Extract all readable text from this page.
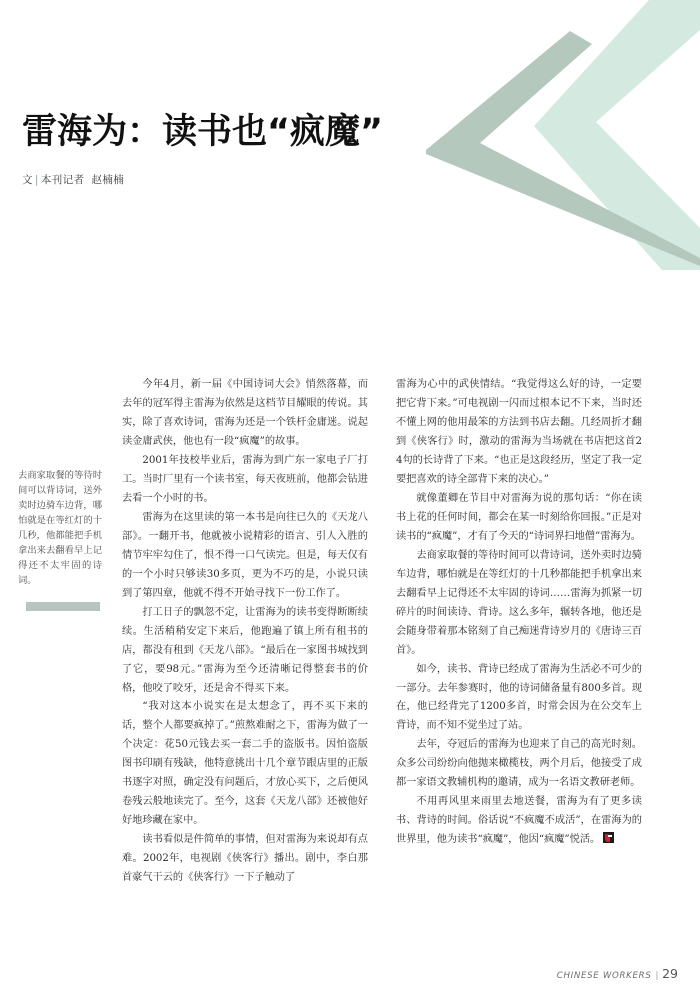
雷海为：读书也“疯魔”
文 | 本刊记者 赵楠楠
去商家取餐的等待时间可以背诗词，送外卖时边骑车边背，哪怕就是在等红灯的十几秒，他都能把手机拿出来去翻看早上记得还不太牢固的诗词。

今年4月，新一届《中国诗词大会》悄然落幕，而去年的冠军得主雷海为依然是这档节目耀眼的传说。其实，除了喜欢诗词，雷海为还是一个铁杆金庸迷。说起读金庸武侠，他也有一段“疯魔”的故事。

2001年技校毕业后，雷海为到广东一家电子厂打工。当时厂里有一个读书室，每天夜班前，他都会钻进去看一个小时的书。

雷海为在这里读的第一本书是向往已久的《天龙八部》。一翻开书，他就被小说精彩的语言、引人入胜的情节牢牢勾住了，恨不得一口气读完。但是，每天仅有的一个小时只够读30多页，更为不巧的是，小说只读到了第四章，他就不得不开始寻找下一份工作了。

打工日子的飘忽不定，让雷海为的读书变得断断续续。生活稍稍安定下来后，他跑遍了镇上所有租书的店，都没有租到《天龙八部》。“最后在一家图书城找到了它，要98元。”雷海为至今还清晰记得整套书的价格，他咬了咬牙，还是舍不得买下来。

“我对这本小说实在是太想念了，再不买下来的话，整个人都要疯掉了。”煎熬难耐之下，雷海为做了一个决定：花50元钱去买一套二手的盗版书。因怕盗版图书印刷有残缺，他特意挑出十几个章节跟店里的正版书逐字对照，确定没有问题后，才放心买下，之后便风卷残云般地读完了。至今，这套《天龙八部》还被他好好地珍藏在家中。

读书看似是件简单的事情，但对雷海为来说却有点难。2002年，电视剧《侠客行》播出。剧中，李白那首豪气干云的《侠客行》一下子触动了

雷海为心中的武侠情结。“我觉得这么好的诗，一定要把它背下来。”可电视剧一闪而过根本记不下来，当时还不懂上网的他用最笨的方法到书店去翻。几经周折才翻到《侠客行》时，激动的雷海为当场就在书店把这首24句的长诗背了下来。“也正是这段经历，坚定了我一定要把喜欢的诗全部背下来的决心。”

就像董卿在节目中对雷海为说的那句话：“你在读书上花的任何时间，都会在某一时刻给你回报。”正是对读书的“疯魔”，才有了今天的“诗词界扫地僧”雷海为。

去商家取餐的等待时间可以背诗词，送外卖时边骑车边背，哪怕就是在等红灯的十几秒都能把手机拿出来去翻看早上记得还不太牢固的诗词……雷海为抓紧一切碎片的时间读诗、背诗。这么多年，辗转各地，他还是会随身带着那本铭刻了自己痴迷背诗岁月的《唐诗三百首》。

如今，读书、背诗已经成了雷海为生活必不可少的一部分。去年参赛时，他的诗词储备量有800多首。现在，他已经背完了1200多首，时常会因为在公交车上背诗，而不知不觉坐过了站。

去年，夺冠后的雷海为也迎来了自己的高光时刻。众多公司纷纷向他抛来橄榄枝，两个月后，他接受了成都一家语文教辅机构的邀请，成为一名语文教研老师。

不用再风里来雨里去地送餐，雷海为有了更多读书、背诗的时间。俗话说“不疯魔不成活”，在雷海为的世界里，他为读书“疯魔”，他因“疯魔”悦活。

CHINESE WORKERS | 29
